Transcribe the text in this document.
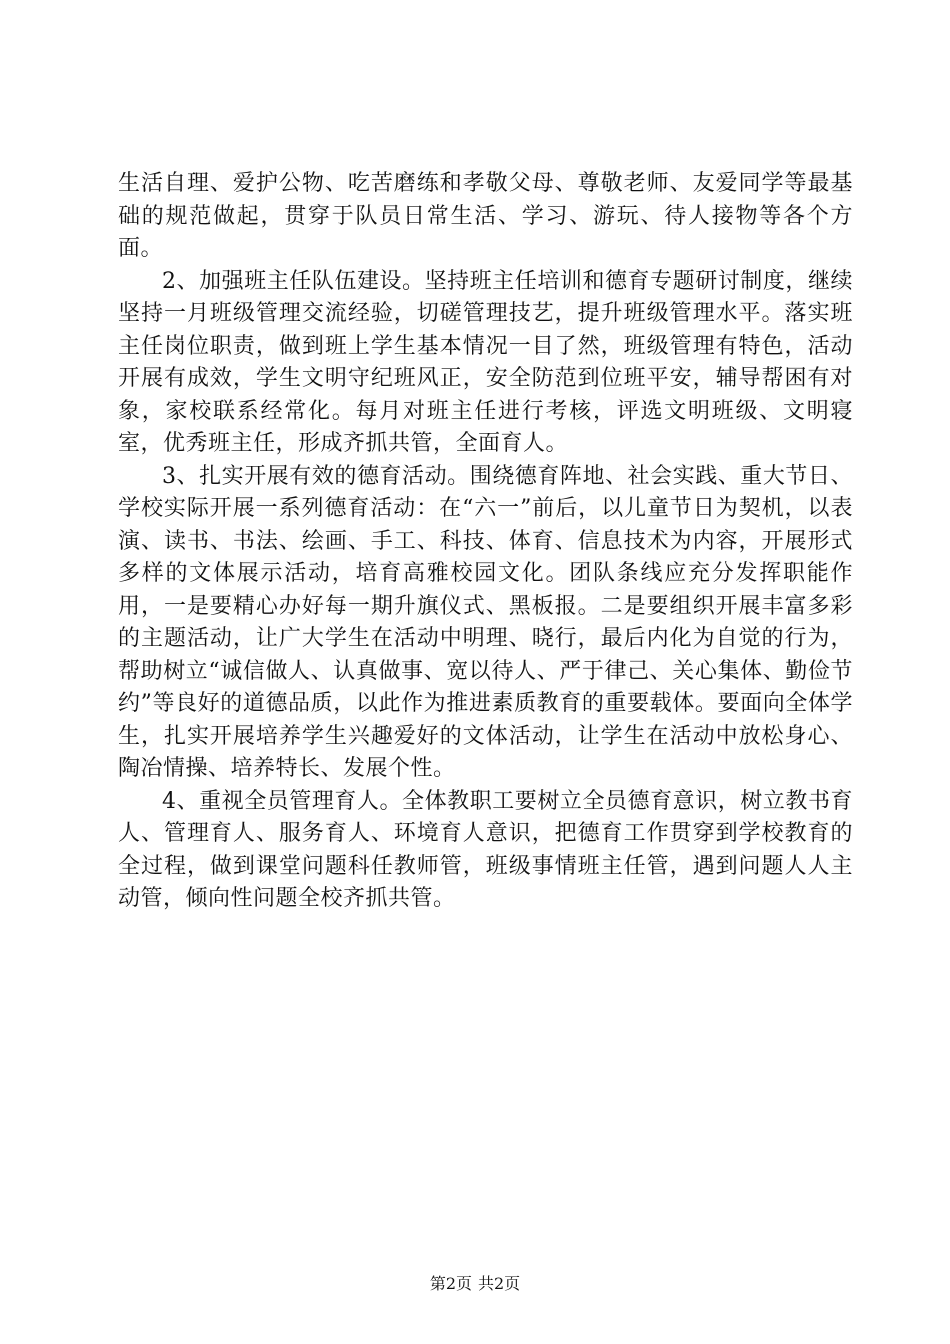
生活自理、爱护公物、吃苦磨练和孝敬父母、尊敬老师、友爱同学等最基础的规范做起，贯穿于队员日常生活、学习、游玩、待人接物等各个方面。

2、加强班主任队伍建设。坚持班主任培训和德育专题研讨制度，继续坚持一月班级管理交流经验，切磋管理技艺，提升班级管理水平。落实班主任岗位职责，做到班上学生基本情况一目了然，班级管理有特色，活动开展有成效，学生文明守纪班风正，安全防范到位班平安，辅导帮困有对象，家校联系经常化。每月对班主任进行考核，评选文明班级、文明寝室，优秀班主任，形成齐抓共管，全面育人。

3、扎实开展有效的德育活动。围绕德育阵地、社会实践、重大节日、学校实际开展一系列德育活动：在“六一”前后，以儿童节日为契机，以表演、读书、书法、绘画、手工、科技、体育、信息技术为内容，开展形式多样的文体展示活动，培育高雅校园文化。团队条线应充分发挥职能作用，一是要精心办好每一期升旗仪式、黑板报。二是要组织开展丰富多彩的主题活动，让广大学生在活动中明理、晓行，最后内化为自觉的行为，帮助树立“诚信做人、认真做事、宽以待人、严于律己、关心集体、勤俭节约”等良好的道德品质，以此作为推进素质教育的重要载体。要面向全体学生，扎实开展培养学生兴趣爱好的文体活动，让学生在活动中放松身心、陶冶情操、培养特长、发展个性。

4、重视全员管理育人。全体教职工要树立全员德育意识，树立教书育人、管理育人、服务育人、环境育人意识，把德育工作贯穿到学校教育的全过程，做到课堂问题科任教师管，班级事情班主任管，遇到问题人人主动管，倾向性问题全校齐抓共管。

第2页 共2页
